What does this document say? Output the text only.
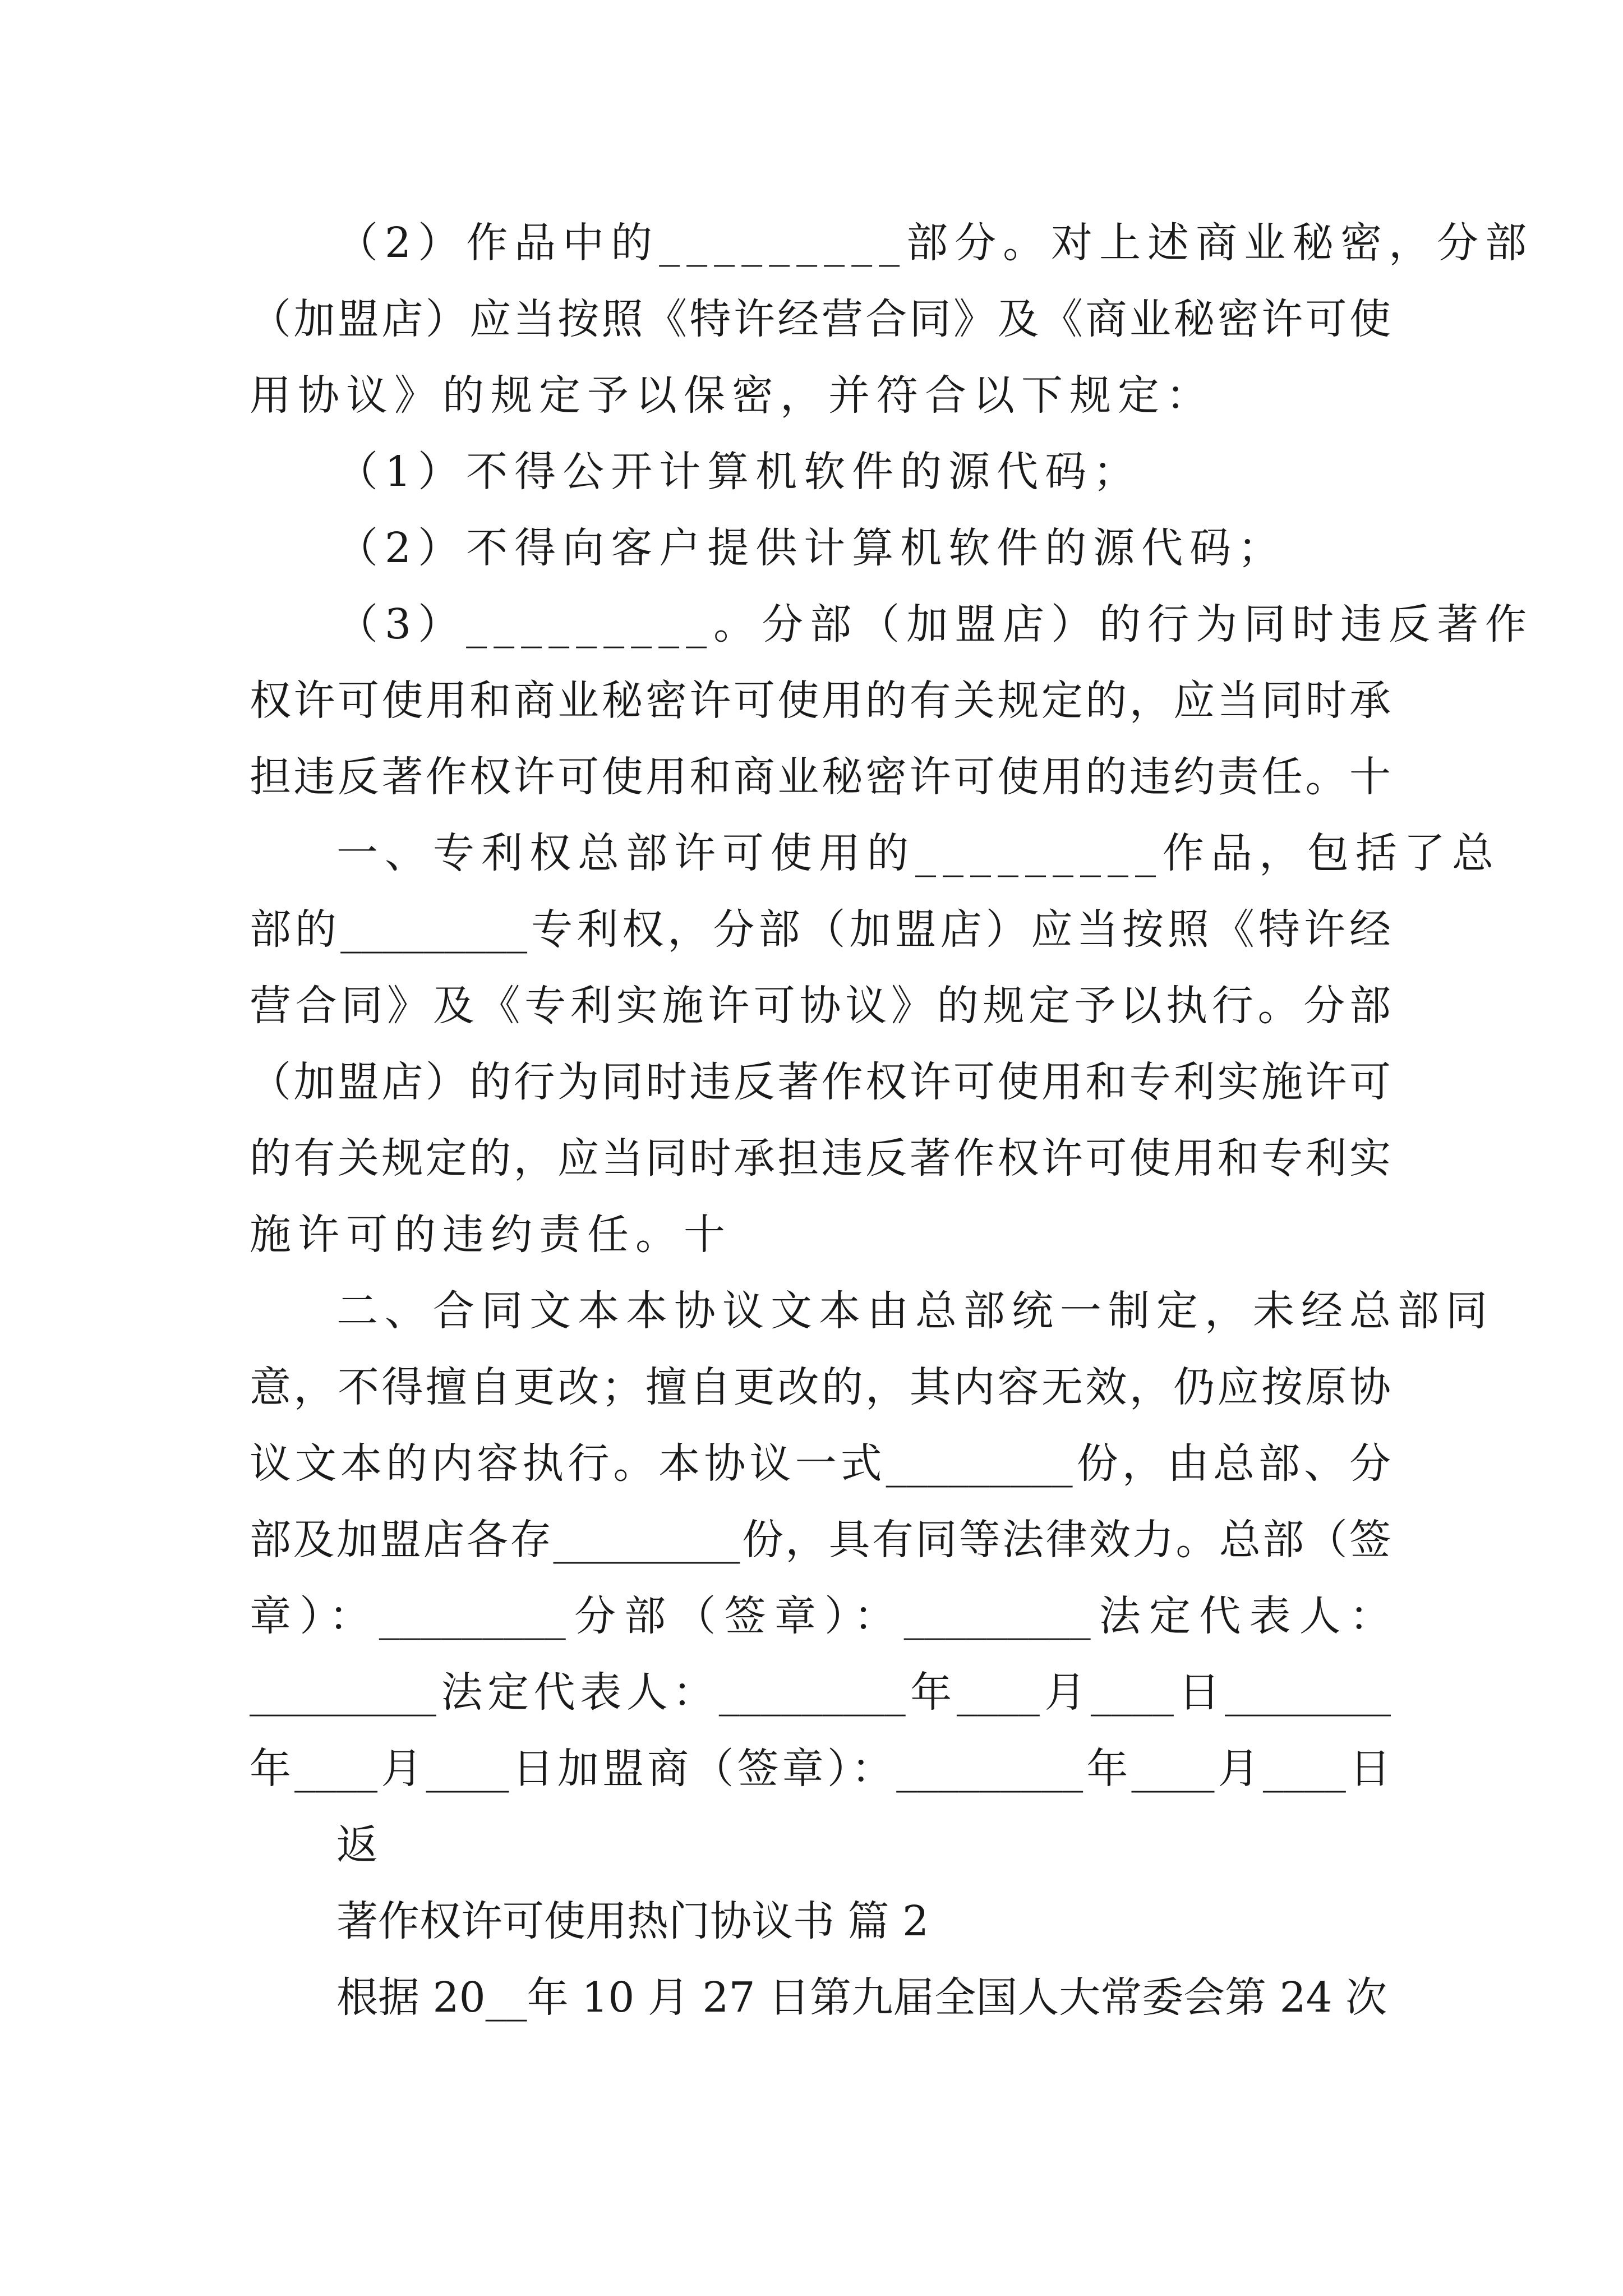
（2）作品中的_________部分。对上述商业秘密，分部

（加盟店）应当按照《特许经营合同》及《商业秘密许可使

用协议》的规定予以保密，并符合以下规定：

（1）不得公开计算机软件的源代码；

（2）不得向客户提供计算机软件的源代码；

（3）_________。分部（加盟店）的行为同时违反著作

权许可使用和商业秘密许可使用的有关规定的，应当同时承

担违反著作权许可使用和商业秘密许可使用的违约责任。十

一、专利权总部许可使用的_________作品，包括了总

部的_________专利权，分部（加盟店）应当按照《特许经

营合同》及《专利实施许可协议》的规定予以执行。分部

（加盟店）的行为同时违反著作权许可使用和专利实施许可

的有关规定的，应当同时承担违反著作权许可使用和专利实

施许可的违约责任。十

二、合同文本本协议文本由总部统一制定，未经总部同

意，不得擅自更改；擅自更改的，其内容无效，仍应按原协

议文本的内容执行。本协议一式_________份，由总部、分

部及加盟店各存_________份，具有同等法律效力。总部（签

章）：_________分部（签章）：_________法定代表人：

_________法定代表人：_________年____月____日________

年____月____日加盟商（签章）：_________年____月____日

返

著作权许可使用热门协议书 篇 2

根据 20__年 10 月 27 日第九届全国人大常委会第 24 次
